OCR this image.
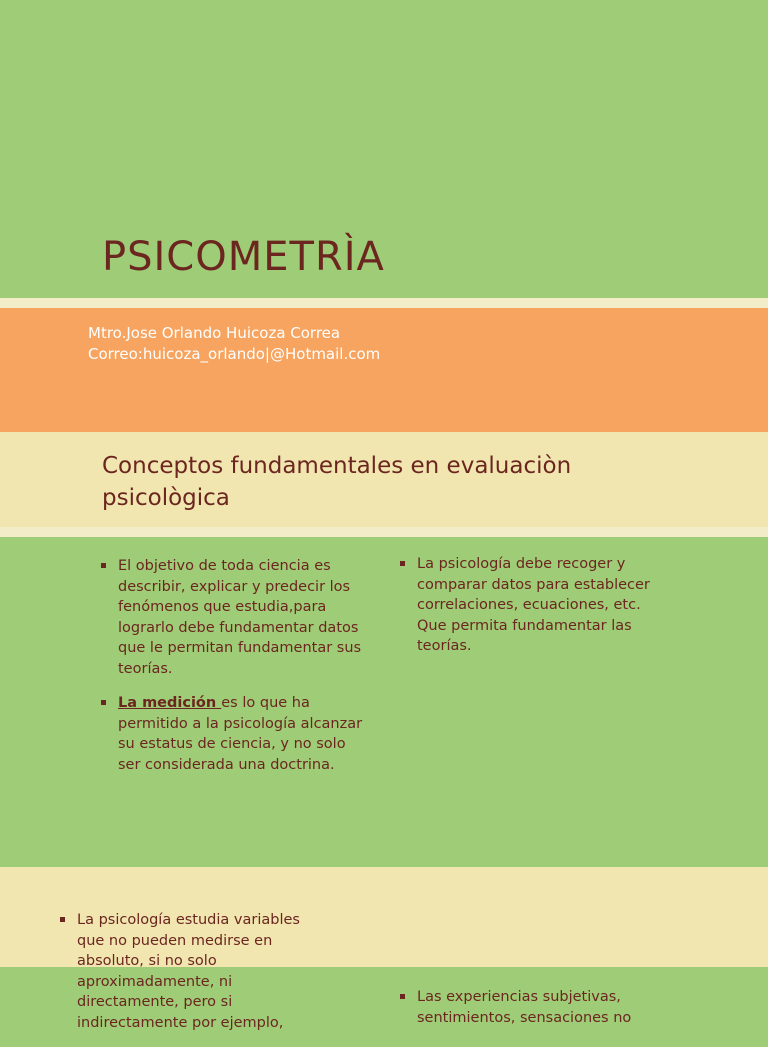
PSICOMETRÌA
Mtro.Jose Orlando Huicoza Correa
Correo:huicoza_orlando|@Hotmail.com
Conceptos fundamentales en evaluaciòn psicològica
El objetivo de toda ciencia es describir, explicar y predecir los fenómenos que estudia,para lograrlo debe fundamentar datos que le permitan fundamentar sus teorías.
La medición es lo que ha permitido a la psicología alcanzar su estatus de ciencia, y no solo ser considerada una doctrina.
La psicología debe recoger y comparar datos para establecer correlaciones, ecuaciones, etc. Que permita fundamentar las teorías.
La psicología estudia variables que no pueden medirse en absoluto, si no solo aproximadamente, ni directamente, pero si indirectamente por ejemplo,
Las experiencias subjetivas, sentimientos, sensaciones no
